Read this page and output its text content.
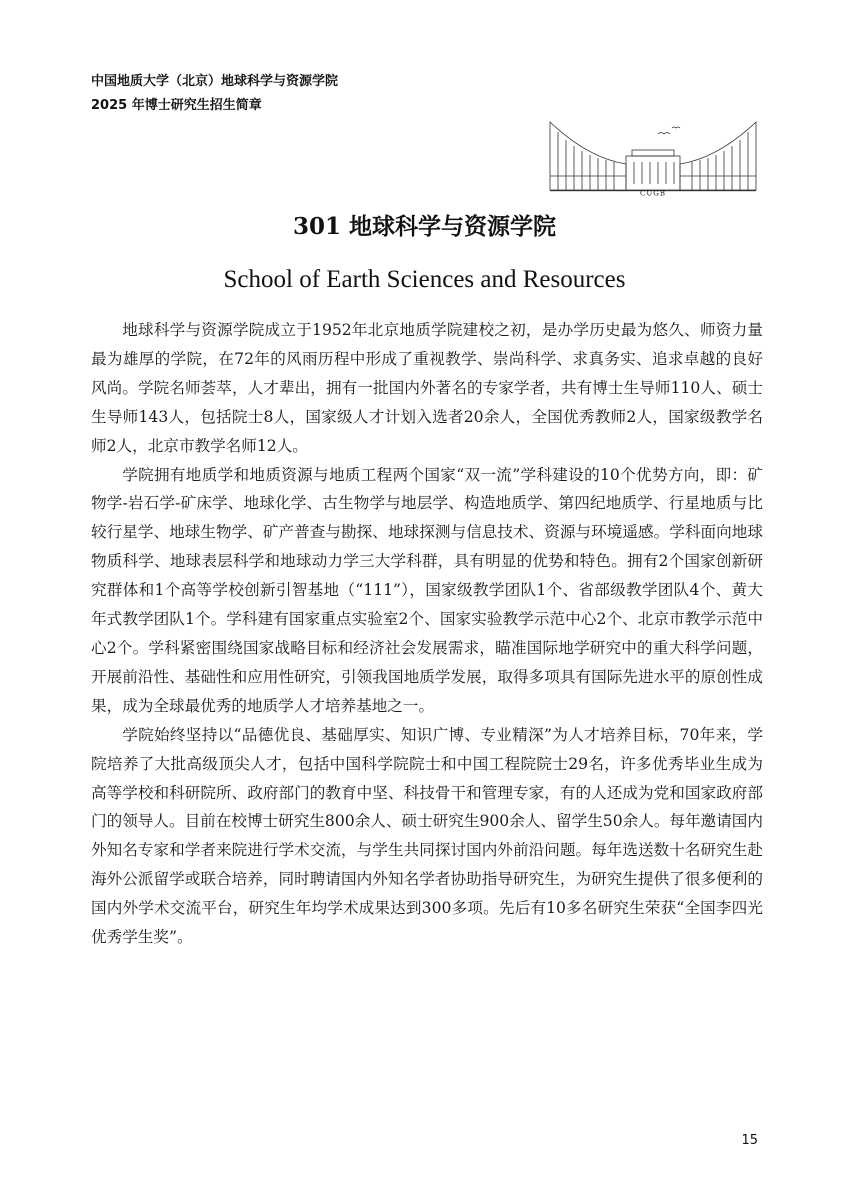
中国地质大学（北京）地球科学与资源学院
2025 年博士研究生招生简章
CUGB
301 地球科学与资源学院
School of Earth Sciences and Resources

地球科学与资源学院成立于1952年北京地质学院建校之初，是办学历史最为悠久、师资力量最为雄厚的学院，在72年的风雨历程中形成了重视教学、崇尚科学、求真务实、追求卓越的良好风尚。学院名师荟萃，人才辈出，拥有一批国内外著名的专家学者，共有博士生导师110人、硕士生导师143人，包括院士8人，国家级人才计划入选者20余人，全国优秀教师2人，国家级教学名师2人，北京市教学名师12人。

学院拥有地质学和地质资源与地质工程两个国家“双一流”学科建设的10个优势方向，即：矿物学-岩石学-矿床学、地球化学、古生物学与地层学、构造地质学、第四纪地质学、行星地质与比较行星学、地球生物学、矿产普查与勘探、地球探测与信息技术、资源与环境遥感。学科面向地球物质科学、地球表层科学和地球动力学三大学科群，具有明显的优势和特色。拥有2个国家创新研究群体和1个高等学校创新引智基地（“111”），国家级教学团队1个、省部级教学团队4个、黄大年式教学团队1个。学科建有国家重点实验室2个、国家实验教学示范中心2个、北京市教学示范中心2个。学科紧密围绕国家战略目标和经济社会发展需求，瞄准国际地学研究中的重大科学问题，开展前沿性、基础性和应用性研究，引领我国地质学发展，取得多项具有国际先进水平的原创性成果，成为全球最优秀的地质学人才培养基地之一。

学院始终坚持以“品德优良、基础厚实、知识广博、专业精深”为人才培养目标，70年来，学院培养了大批高级顶尖人才，包括中国科学院院士和中国工程院院士29名，许多优秀毕业生成为高等学校和科研院所、政府部门的教育中坚、科技骨干和管理专家，有的人还成为党和国家政府部门的领导人。目前在校博士研究生800余人、硕士研究生900余人、留学生50余人。每年邀请国内外知名专家和学者来院进行学术交流，与学生共同探讨国内外前沿问题。每年选送数十名研究生赴海外公派留学或联合培养，同时聘请国内外知名学者协助指导研究生，为研究生提供了很多便利的国内外学术交流平台，研究生年均学术成果达到300多项。先后有10多名研究生荣获“全国李四光优秀学生奖”。

15
